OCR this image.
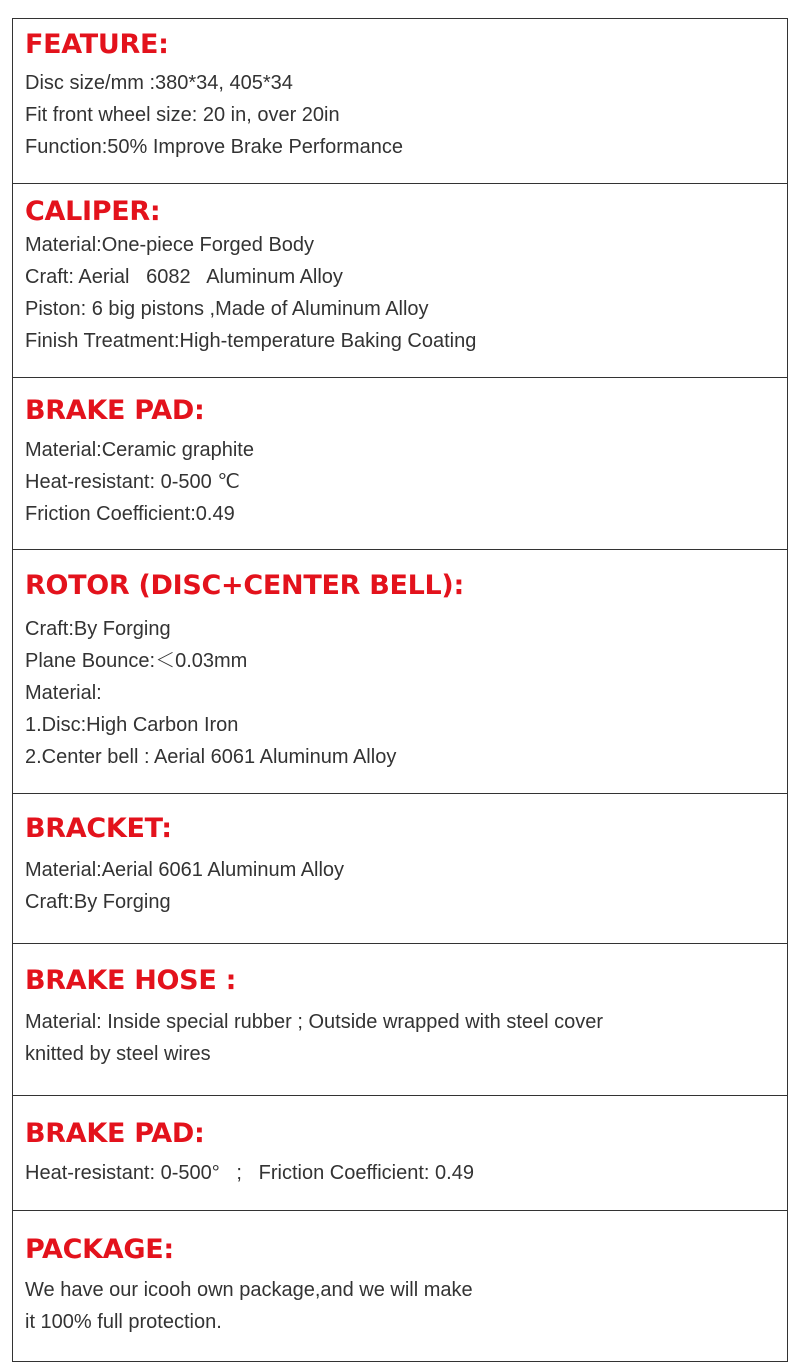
FEATURE:
Disc size/mm :380*34, 405*34
Fit front wheel size: 20 in, over 20in
Function:50% Improve Brake Performance
CALIPER:
Material:One-piece Forged Body
Craft: Aerial   6082   Aluminum Alloy
Piston: 6 big pistons ,Made of Aluminum Alloy
Finish Treatment:High-temperature Baking Coating
BRAKE PAD:
Material:Ceramic graphite
Heat-resistant: 0-500 ℃
Friction Coefficient:0.49
ROTOR (DISC+CENTER BELL):
Craft:By Forging
Plane Bounce:＜0.03mm
Material:
1.Disc:High Carbon Iron
2.Center bell : Aerial 6061 Aluminum Alloy
BRACKET:
Material:Aerial 6061 Aluminum Alloy
Craft:By Forging
BRAKE HOSE :
Material: Inside special rubber ; Outside wrapped with steel cover
knitted by steel wires
BRAKE PAD:
Heat-resistant: 0-500°   ;   Friction Coefficient: 0.49
PACKAGE:
We have our icooh own package,and we will make
it 100% full protection.
